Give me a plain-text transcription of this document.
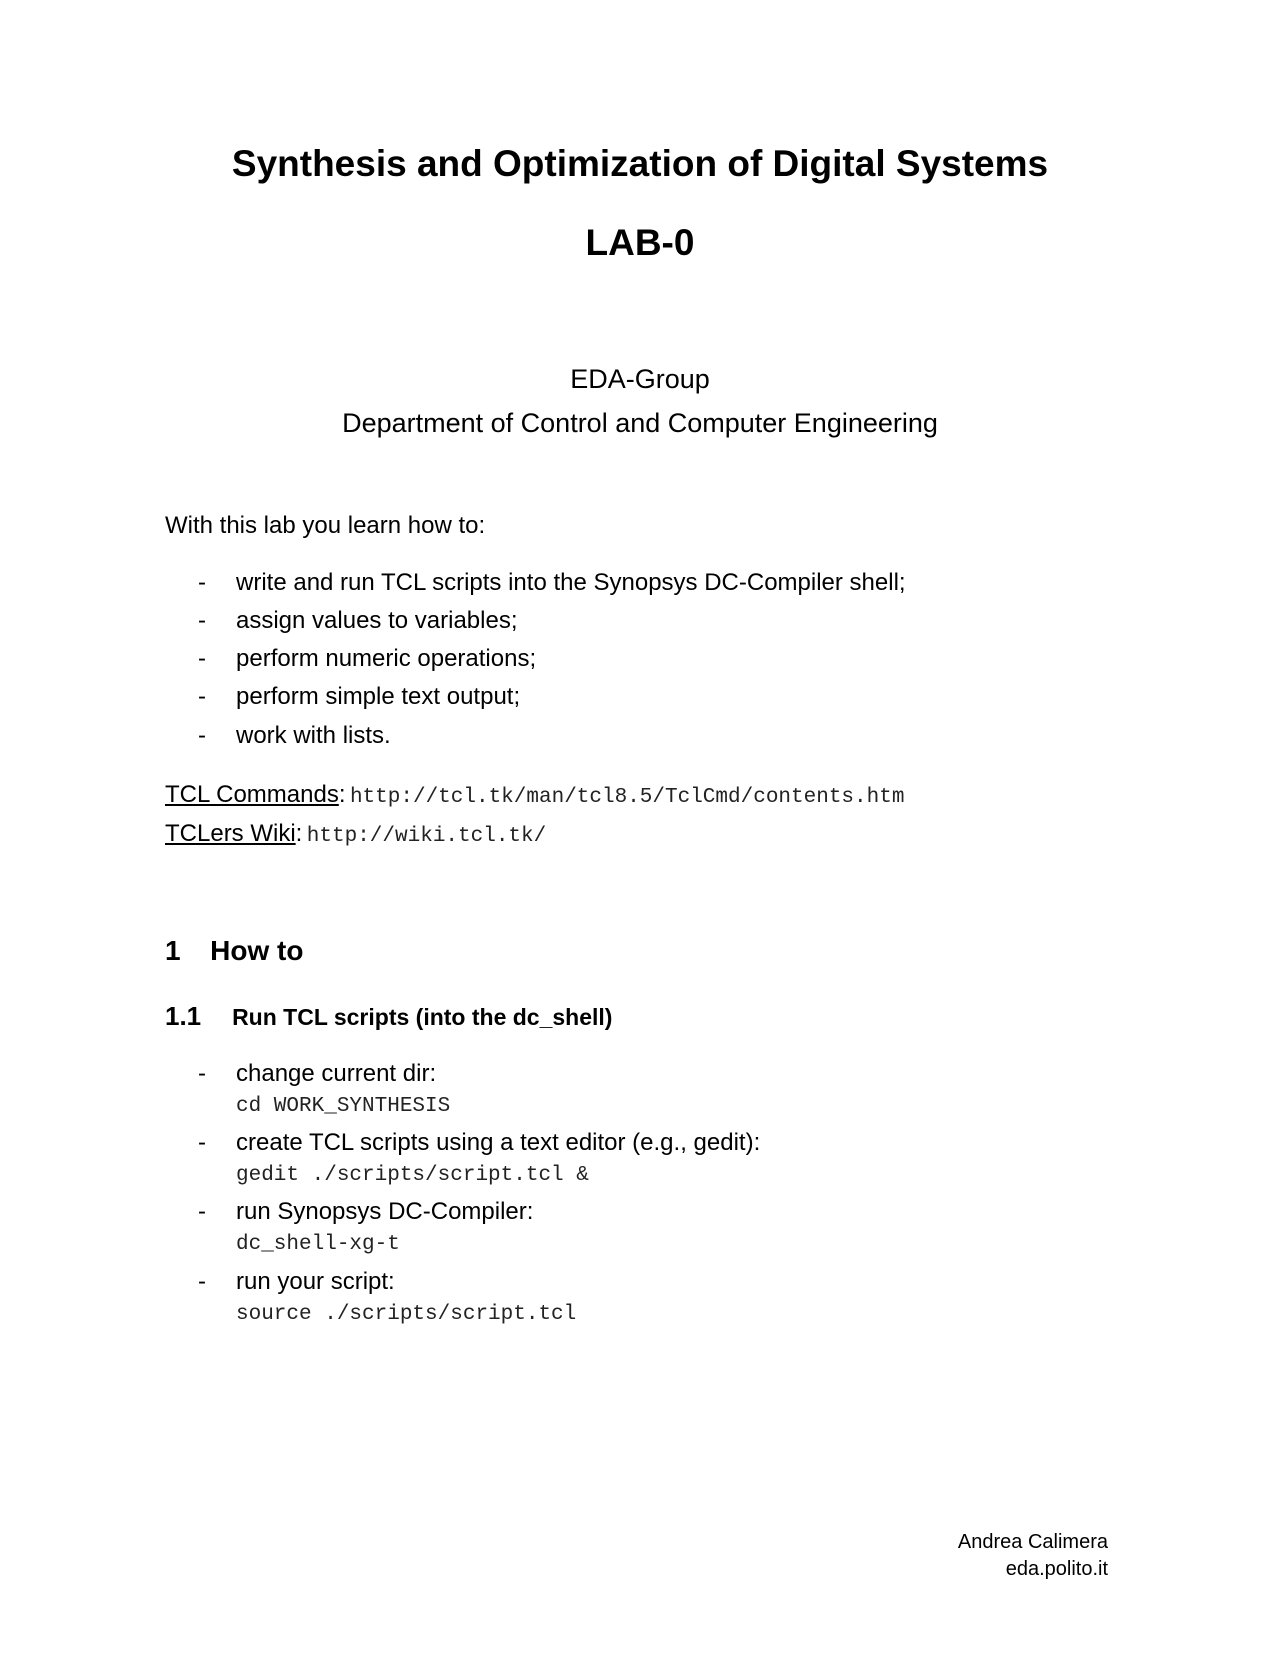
Synthesis and Optimization of Digital Systems
LAB-0
EDA-Group
Department of Control and Computer Engineering
With this lab you learn how to:
-	write and run TCL scripts into the Synopsys DC-Compiler shell;
-	assign values to variables;
-	perform numeric operations;
-	perform simple text output;
-	work with lists.
TCL Commands: http://tcl.tk/man/tcl8.5/TclCmd/contents.htm
TCLers Wiki: http://wiki.tcl.tk/
1 How to
1.1 Run TCL scripts (into the dc_shell)
-	change current dir:
cd WORK_SYNTHESIS
-	create TCL scripts using a text editor (e.g., gedit):
gedit ./scripts/script.tcl &
-	run Synopsys DC-Compiler:
dc_shell-xg-t
-	run your script:
source ./scripts/script.tcl
Andrea Calimera
eda.polito.it
